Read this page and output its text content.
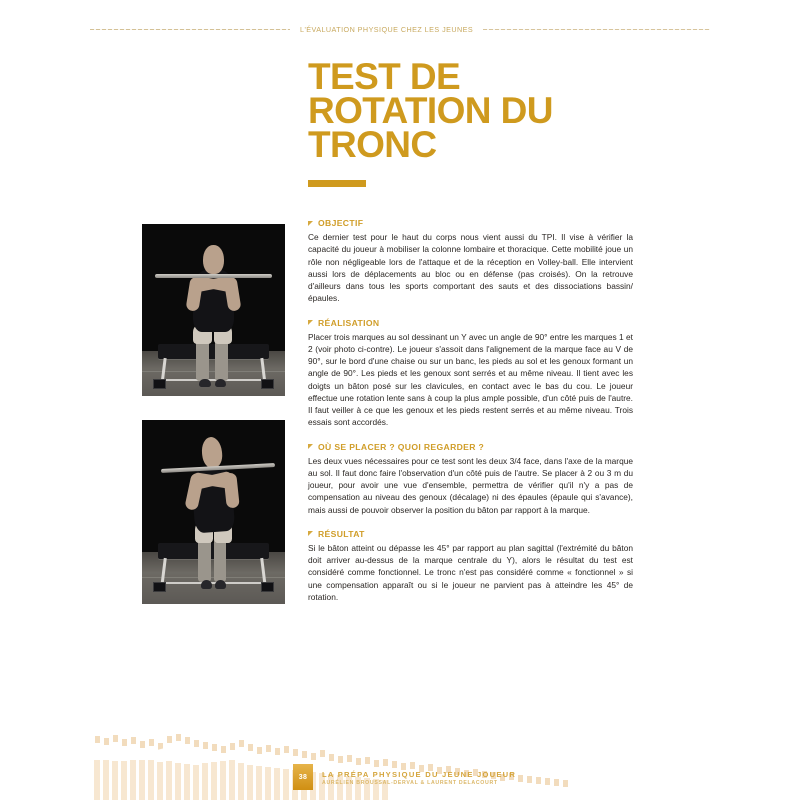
L'ÉVALUATION PHYSIQUE CHEZ LES JEUNES
TEST DE
ROTATION DU
TRONC
OBJECTIF

Ce dernier test pour le haut du corps nous vient aussi du TPI. Il vise à vérifier la capacité du joueur à mobiliser la colonne lombaire et thoracique. Cette mobilité joue un rôle non négligeable lors de l'attaque et de la réception en Volley-ball. Elle intervient aussi lors de déplacements au bloc ou en défense (pas croisés). On la retrouve d'ailleurs dans tous les sports comportant des sauts et des dissociations bassin/épaules.

RÉALISATION

Placer trois marques au sol dessinant un Y avec un angle de 90° entre les marques 1 et 2 (voir photo ci-contre). Le joueur s'assoit dans l'alignement de la marque face au V de 90°, sur le bord d'une chaise ou sur un banc, les pieds au sol et les genoux formant un angle de 90°. Les pieds et les genoux sont serrés et au même niveau. Il tient avec les doigts un bâton posé sur les clavicules, en contact avec le bas du cou. Le joueur effectue une rotation lente sans à coup la plus ample possible, d'un côté puis de l'autre. Il faut veiller à ce que les genoux et les pieds restent serrés et au même niveau. Trois essais sont accordés.

OÙ SE PLACER ? QUOI REGARDER ?

Les deux vues nécessaires pour ce test sont les deux 3/4 face, dans l'axe de la marque au sol. Il faut donc faire l'observation d'un côté puis de l'autre. Se placer à 2 ou 3 m du joueur, pour avoir une vue d'ensemble, permettra de vérifier qu'il n'y a pas de compensation au niveau des genoux (décalage) ni des épaules (épaule qui s'avance), mais aussi de pouvoir observer la position du bâton par rapport à la marque.

RÉSULTAT

Si le bâton atteint ou dépasse les 45° par rapport au plan sagittal (l'extrémité du bâton doit arriver au-dessus de la marque centrale du Y), alors le résultat du test est considéré comme fonctionnel. Le tronc n'est pas considéré comme « fonctionnel » si une compensation apparaît ou si le joueur ne parvient pas à atteindre les 45° de rotation.

38	LA PRÉPA PHYSIQUE DU JEUNE JOUEUR
AURÉLIEN BROUSSAL-DERVAL & LAURENT DELACOURT
